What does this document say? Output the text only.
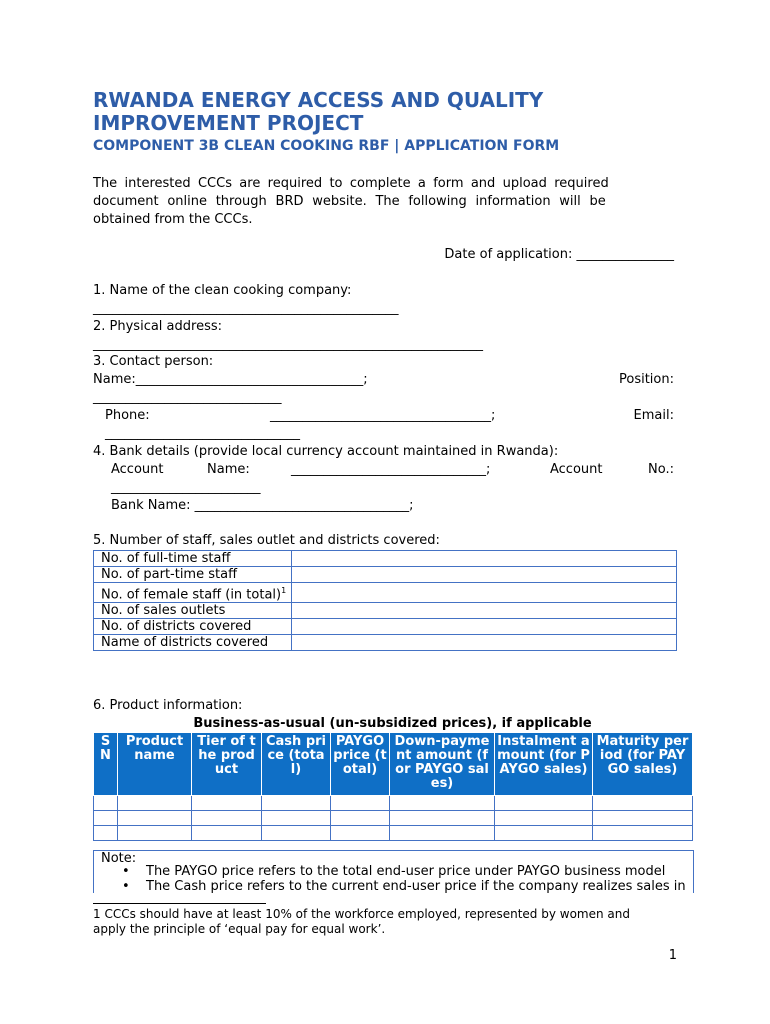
RWANDA ENERGY ACCESS AND QUALITY
IMPROVEMENT PROJECT
COMPONENT 3B CLEAN COOKING RBF | APPLICATION FORM
The interested CCCs are required to complete a form and upload required
document online through BRD website. The following information will be
obtained from the CCCs.
Date of application: _______________
1. Name of the clean cooking company:
_______________________________________________
2. Physical address:
____________________________________________________________
3. Contact person:
Name:___________________________________;	Position:
_____________________________
Phone:	__________________________________;	Email:
______________________________
4. Bank details (provide local currency account maintained in Rwanda):
Account	Name:	______________________________;	Account	No.:
_______________________
Bank Name: _________________________________;
5. Number of staff, sales outlet and districts covered:
No. of full-time staff	
No. of part-time staff	
No. of female staff (in total)$^1$	
No. of sales outlets	
No. of districts covered	
Name of districts covered	
6. Product information:
Business-as-usual (un-subsidized prices), if applicable
S N	Product name	Tier of the product	Cash price (total)	PAYGO price (total)	Down-payment amount (for PAYGO sales)	Instalment amount (for PAYGO sales)	Maturity period (for PAYGO sales)

Note:
• The PAYGO price refers to the total end-user price under PAYGO business model
• The Cash price refers to the current end-user price if the company realizes sales in
1 CCCs should have at least 10% of the workforce employed, represented by women and
apply the principle of ‘equal pay for equal work’.
1
